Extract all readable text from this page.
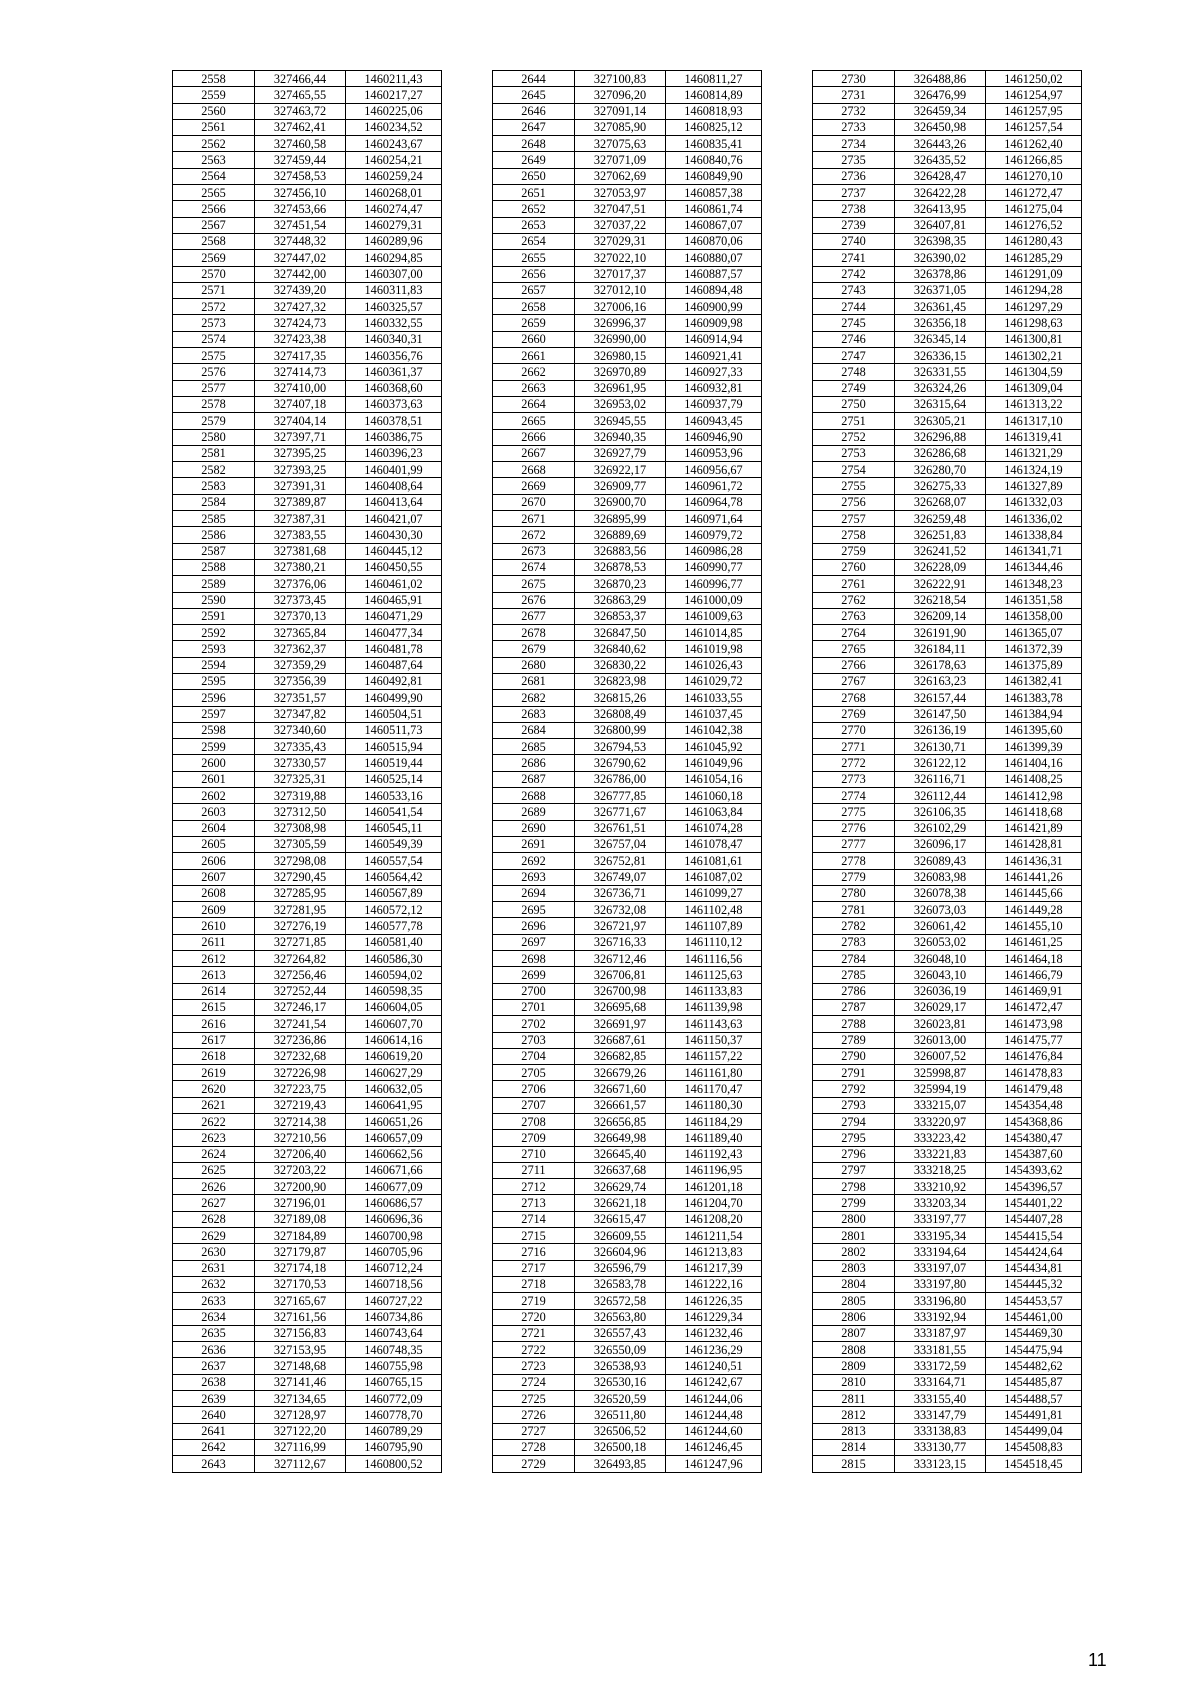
2558	327466,44	1460211,43
2559	327465,55	1460217,27
2560	327463,72	1460225,06
2561	327462,41	1460234,52
2562	327460,58	1460243,67
2563	327459,44	1460254,21
2564	327458,53	1460259,24
2565	327456,10	1460268,01
2566	327453,66	1460274,47
2567	327451,54	1460279,31
2568	327448,32	1460289,96
2569	327447,02	1460294,85
2570	327442,00	1460307,00
2571	327439,20	1460311,83
2572	327427,32	1460325,57
2573	327424,73	1460332,55
2574	327423,38	1460340,31
2575	327417,35	1460356,76
2576	327414,73	1460361,37
2577	327410,00	1460368,60
2578	327407,18	1460373,63
2579	327404,14	1460378,51
2580	327397,71	1460386,75
2581	327395,25	1460396,23
2582	327393,25	1460401,99
2583	327391,31	1460408,64
2584	327389,87	1460413,64
2585	327387,31	1460421,07
2586	327383,55	1460430,30
2587	327381,68	1460445,12
2588	327380,21	1460450,55
2589	327376,06	1460461,02
2590	327373,45	1460465,91
2591	327370,13	1460471,29
2592	327365,84	1460477,34
2593	327362,37	1460481,78
2594	327359,29	1460487,64
2595	327356,39	1460492,81
2596	327351,57	1460499,90
2597	327347,82	1460504,51
2598	327340,60	1460511,73
2599	327335,43	1460515,94
2600	327330,57	1460519,44
2601	327325,31	1460525,14
2602	327319,88	1460533,16
2603	327312,50	1460541,54
2604	327308,98	1460545,11
2605	327305,59	1460549,39
2606	327298,08	1460557,54
2607	327290,45	1460564,42
2608	327285,95	1460567,89
2609	327281,95	1460572,12
2610	327276,19	1460577,78
2611	327271,85	1460581,40
2612	327264,82	1460586,30
2613	327256,46	1460594,02
2614	327252,44	1460598,35
2615	327246,17	1460604,05
2616	327241,54	1460607,70
2617	327236,86	1460614,16
2618	327232,68	1460619,20
2619	327226,98	1460627,29
2620	327223,75	1460632,05
2621	327219,43	1460641,95
2622	327214,38	1460651,26
2623	327210,56	1460657,09
2624	327206,40	1460662,56
2625	327203,22	1460671,66
2626	327200,90	1460677,09
2627	327196,01	1460686,57
2628	327189,08	1460696,36
2629	327184,89	1460700,98
2630	327179,87	1460705,96
2631	327174,18	1460712,24
2632	327170,53	1460718,56
2633	327165,67	1460727,22
2634	327161,56	1460734,86
2635	327156,83	1460743,64
2636	327153,95	1460748,35
2637	327148,68	1460755,98
2638	327141,46	1460765,15
2639	327134,65	1460772,09
2640	327128,97	1460778,70
2641	327122,20	1460789,29
2642	327116,99	1460795,90
2643	327112,67	1460800,52
2644	327100,83	1460811,27
2645	327096,20	1460814,89
2646	327091,14	1460818,93
2647	327085,90	1460825,12
2648	327075,63	1460835,41
2649	327071,09	1460840,76
2650	327062,69	1460849,90
2651	327053,97	1460857,38
2652	327047,51	1460861,74
2653	327037,22	1460867,07
2654	327029,31	1460870,06
2655	327022,10	1460880,07
2656	327017,37	1460887,57
2657	327012,10	1460894,48
2658	327006,16	1460900,99
2659	326996,37	1460909,98
2660	326990,00	1460914,94
2661	326980,15	1460921,41
2662	326970,89	1460927,33
2663	326961,95	1460932,81
2664	326953,02	1460937,79
2665	326945,55	1460943,45
2666	326940,35	1460946,90
2667	326927,79	1460953,96
2668	326922,17	1460956,67
2669	326909,77	1460961,72
2670	326900,70	1460964,78
2671	326895,99	1460971,64
2672	326889,69	1460979,72
2673	326883,56	1460986,28
2674	326878,53	1460990,77
2675	326870,23	1460996,77
2676	326863,29	1461000,09
2677	326853,37	1461009,63
2678	326847,50	1461014,85
2679	326840,62	1461019,98
2680	326830,22	1461026,43
2681	326823,98	1461029,72
2682	326815,26	1461033,55
2683	326808,49	1461037,45
2684	326800,99	1461042,38
2685	326794,53	1461045,92
2686	326790,62	1461049,96
2687	326786,00	1461054,16
2688	326777,85	1461060,18
2689	326771,67	1461063,84
2690	326761,51	1461074,28
2691	326757,04	1461078,47
2692	326752,81	1461081,61
2693	326749,07	1461087,02
2694	326736,71	1461099,27
2695	326732,08	1461102,48
2696	326721,97	1461107,89
2697	326716,33	1461110,12
2698	326712,46	1461116,56
2699	326706,81	1461125,63
2700	326700,98	1461133,83
2701	326695,68	1461139,98
2702	326691,97	1461143,63
2703	326687,61	1461150,37
2704	326682,85	1461157,22
2705	326679,26	1461161,80
2706	326671,60	1461170,47
2707	326661,57	1461180,30
2708	326656,85	1461184,29
2709	326649,98	1461189,40
2710	326645,40	1461192,43
2711	326637,68	1461196,95
2712	326629,74	1461201,18
2713	326621,18	1461204,70
2714	326615,47	1461208,20
2715	326609,55	1461211,54
2716	326604,96	1461213,83
2717	326596,79	1461217,39
2718	326583,78	1461222,16
2719	326572,58	1461226,35
2720	326563,80	1461229,34
2721	326557,43	1461232,46
2722	326550,09	1461236,29
2723	326538,93	1461240,51
2724	326530,16	1461242,67
2725	326520,59	1461244,06
2726	326511,80	1461244,48
2727	326506,52	1461244,60
2728	326500,18	1461246,45
2729	326493,85	1461247,96
2730	326488,86	1461250,02
2731	326476,99	1461254,97
2732	326459,34	1461257,95
2733	326450,98	1461257,54
2734	326443,26	1461262,40
2735	326435,52	1461266,85
2736	326428,47	1461270,10
2737	326422,28	1461272,47
2738	326413,95	1461275,04
2739	326407,81	1461276,52
2740	326398,35	1461280,43
2741	326390,02	1461285,29
2742	326378,86	1461291,09
2743	326371,05	1461294,28
2744	326361,45	1461297,29
2745	326356,18	1461298,63
2746	326345,14	1461300,81
2747	326336,15	1461302,21
2748	326331,55	1461304,59
2749	326324,26	1461309,04
2750	326315,64	1461313,22
2751	326305,21	1461317,10
2752	326296,88	1461319,41
2753	326286,68	1461321,29
2754	326280,70	1461324,19
2755	326275,33	1461327,89
2756	326268,07	1461332,03
2757	326259,48	1461336,02
2758	326251,83	1461338,84
2759	326241,52	1461341,71
2760	326228,09	1461344,46
2761	326222,91	1461348,23
2762	326218,54	1461351,58
2763	326209,14	1461358,00
2764	326191,90	1461365,07
2765	326184,11	1461372,39
2766	326178,63	1461375,89
2767	326163,23	1461382,41
2768	326157,44	1461383,78
2769	326147,50	1461384,94
2770	326136,19	1461395,60
2771	326130,71	1461399,39
2772	326122,12	1461404,16
2773	326116,71	1461408,25
2774	326112,44	1461412,98
2775	326106,35	1461418,68
2776	326102,29	1461421,89
2777	326096,17	1461428,81
2778	326089,43	1461436,31
2779	326083,98	1461441,26
2780	326078,38	1461445,66
2781	326073,03	1461449,28
2782	326061,42	1461455,10
2783	326053,02	1461461,25
2784	326048,10	1461464,18
2785	326043,10	1461466,79
2786	326036,19	1461469,91
2787	326029,17	1461472,47
2788	326023,81	1461473,98
2789	326013,00	1461475,77
2790	326007,52	1461476,84
2791	325998,87	1461478,83
2792	325994,19	1461479,48
2793	333215,07	1454354,48
2794	333220,97	1454368,86
2795	333223,42	1454380,47
2796	333221,83	1454387,60
2797	333218,25	1454393,62
2798	333210,92	1454396,57
2799	333203,34	1454401,22
2800	333197,77	1454407,28
2801	333195,34	1454415,54
2802	333194,64	1454424,64
2803	333197,07	1454434,81
2804	333197,80	1454445,32
2805	333196,80	1454453,57
2806	333192,94	1454461,00
2807	333187,97	1454469,30
2808	333181,55	1454475,94
2809	333172,59	1454482,62
2810	333164,71	1454485,87
2811	333155,40	1454488,57
2812	333147,79	1454491,81
2813	333138,83	1454499,04
2814	333130,77	1454508,83
2815	333123,15	1454518,45
11
